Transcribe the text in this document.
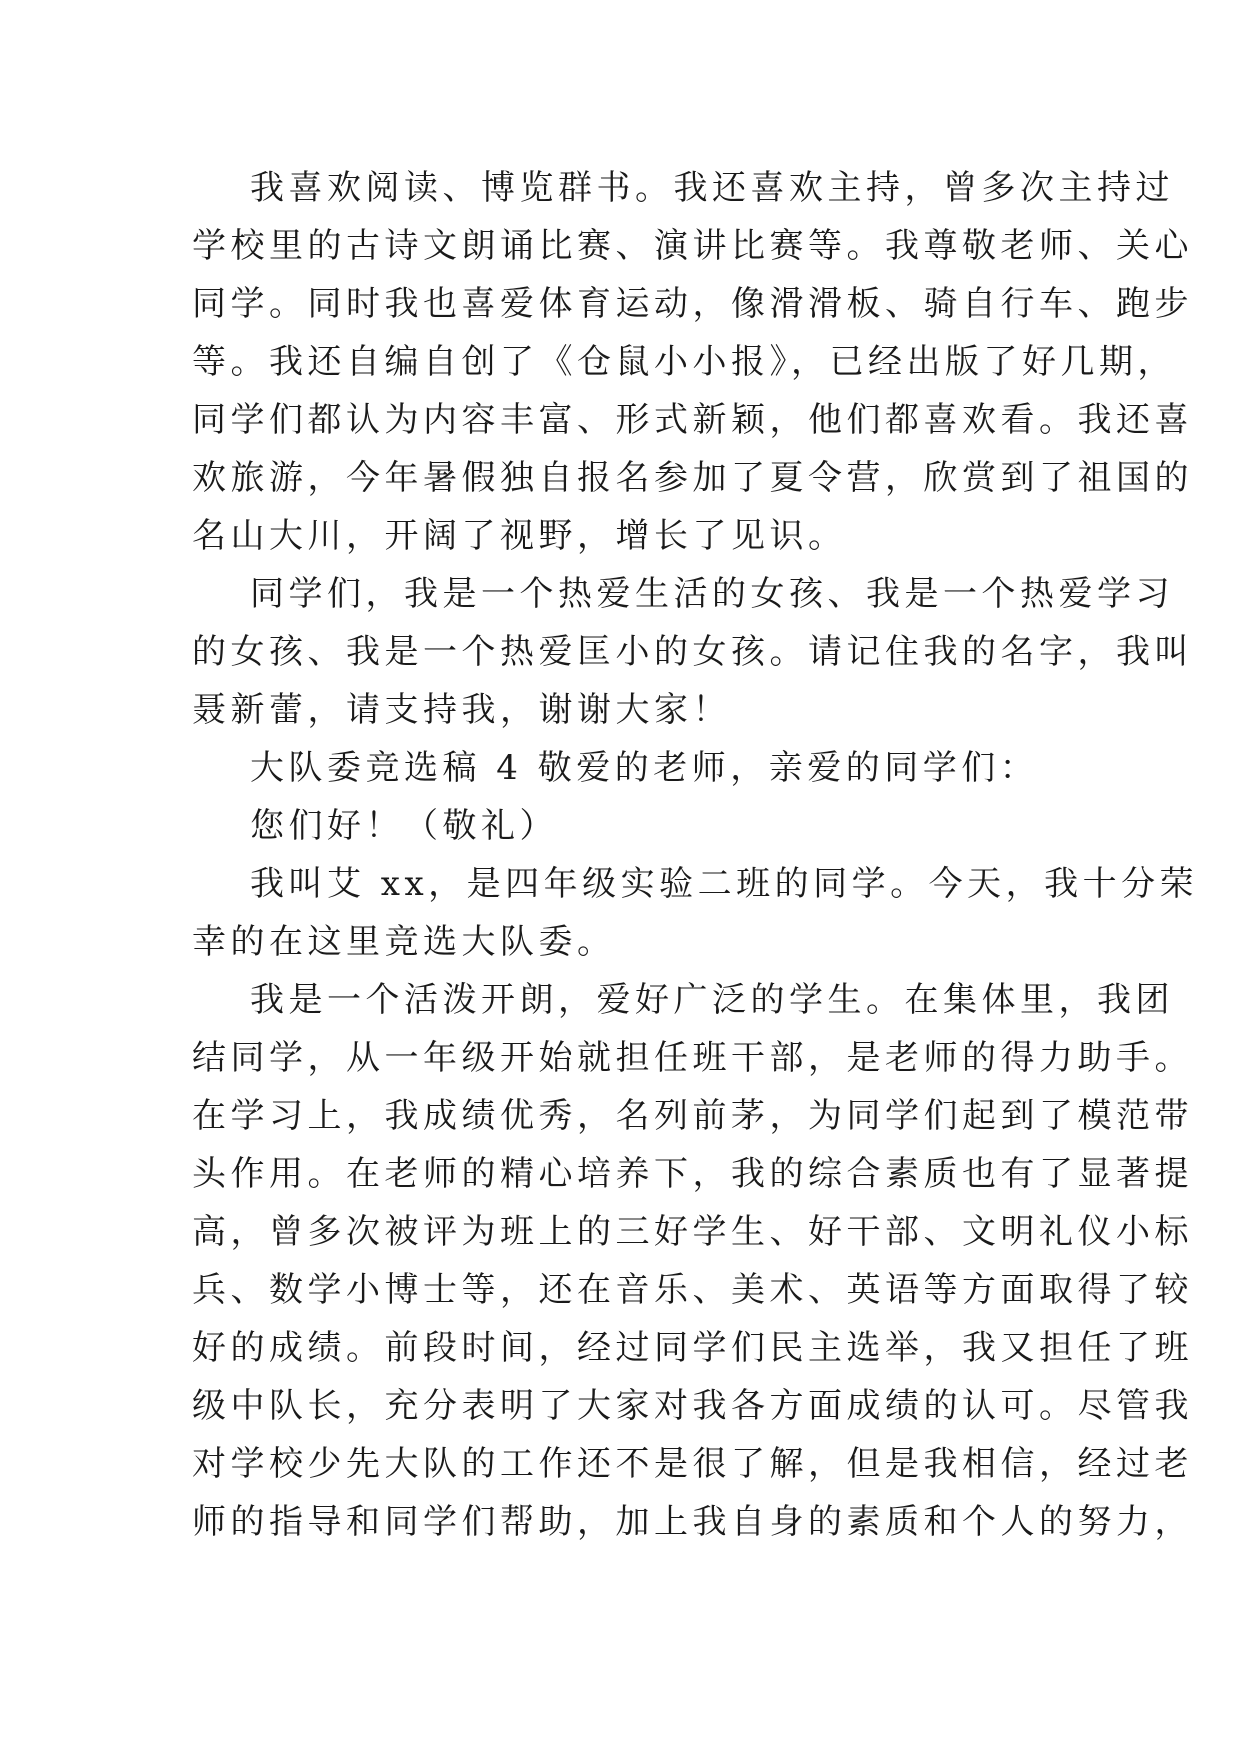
我喜欢阅读、博览群书。我还喜欢主持，曾多次主持过
学校里的古诗文朗诵比赛、演讲比赛等。我尊敬老师、关心
同学。同时我也喜爱体育运动，像滑滑板、骑自行车、跑步
等。我还自编自创了《仓鼠小小报》，已经出版了好几期，
同学们都认为内容丰富、形式新颖，他们都喜欢看。我还喜
欢旅游，今年暑假独自报名参加了夏令营，欣赏到了祖国的
名山大川，开阔了视野，增长了见识。
同学们，我是一个热爱生活的女孩、我是一个热爱学习
的女孩、我是一个热爱匡小的女孩。请记住我的名字，我叫
聂新蕾，请支持我，谢谢大家！
大队委竞选稿 4 敬爱的老师，亲爱的同学们：
您们好！（敬礼）
我叫艾 xx，是四年级实验二班的同学。今天，我十分荣
幸的在这里竞选大队委。
我是一个活泼开朗，爱好广泛的学生。在集体里，我团
结同学，从一年级开始就担任班干部，是老师的得力助手。
在学习上，我成绩优秀，名列前茅，为同学们起到了模范带
头作用。在老师的精心培养下，我的综合素质也有了显著提
高，曾多次被评为班上的三好学生、好干部、文明礼仪小标
兵、数学小博士等，还在音乐、美术、英语等方面取得了较
好的成绩。前段时间，经过同学们民主选举，我又担任了班
级中队长，充分表明了大家对我各方面成绩的认可。尽管我
对学校少先大队的工作还不是很了解，但是我相信，经过老
师的指导和同学们帮助，加上我自身的素质和个人的努力，
